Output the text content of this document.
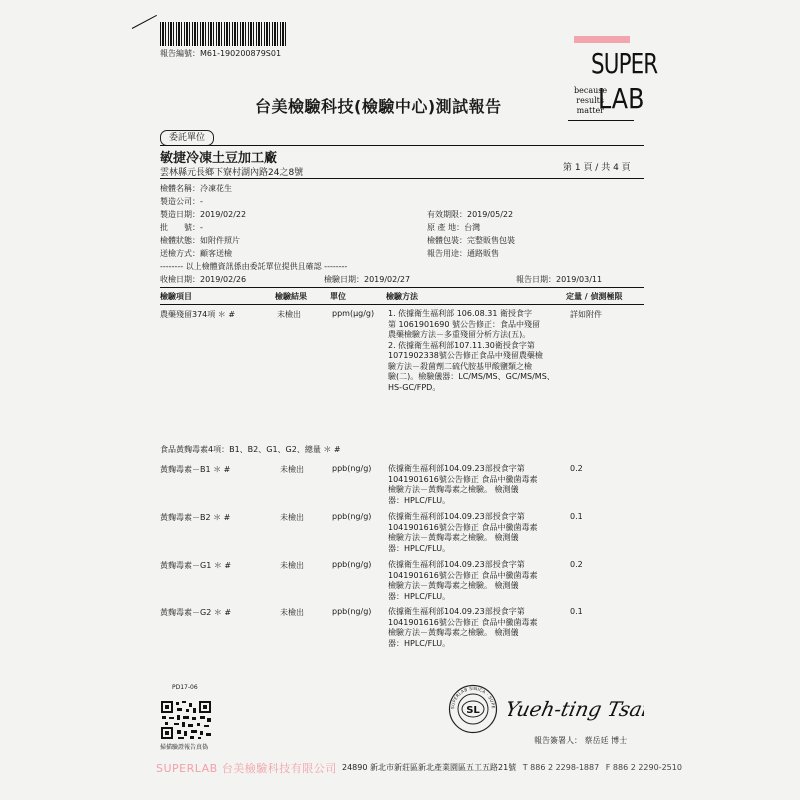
報告編號：M61-190200879S01	SUPER
because
results
matter
LAB
台美檢驗科技(檢驗中心)測試報告
委託單位
敏捷冷凍土豆加工廠
雲林縣元長鄉下寮村湖內路24之8號	第 1 頁 / 共 4 頁
檢體名稱：冷凍花生
製造公司：-
製造日期：2019/02/22	有效期限：2019/05/22
批　　號：-	原 產 地：台灣
檢體狀態：如附件照片	檢體包裝：完整販售包裝
送檢方式：顧客送檢	報告用途：通路販售
-------- 以上檢體資訊係由委託單位提供且確認 --------
收檢日期：2019/02/26	檢驗日期：2019/02/27	報告日期：2019/03/11
檢驗項目	檢驗結果	單位	檢驗方法	定量 / 偵測極限
農藥殘留374項 ＊ #	未檢出	ppm(μg/g) 1. 依據衛生福利部 106.08.31 衛授食字
第 1061901690 號公告修正：食品中殘留
農藥檢驗方法－多重殘留分析方法(五)。
2. 依據衛生福利部107.11.30衛授食字第
1071902338號公告修正食品中殘留農藥檢
驗方法－殺菌劑二硫代胺基甲酸鹽類之檢
驗(二)。檢驗儀器：LC/MS/MS、GC/MS/MS、
HS-GC/FPD。
詳如附件
食品黃麴毒素4項：B1、B2、G1、G2、總量 ＊ #
黃麴毒素－B1 ＊ #	未檢出	ppb(ng/g) 依據衛生福利部104.09.23部授食字第
1041901616號公告修正 食品中黴菌毒素
檢驗方法－黃麴毒素之檢驗。 檢測儀
器：HPLC/FLU。
0.2
黃麴毒素－B2 ＊ #	未檢出	ppb(ng/g) 依據衛生福利部104.09.23部授食字第
1041901616號公告修正 食品中黴菌毒素
檢驗方法－黃麴毒素之檢驗。 檢測儀
器：HPLC/FLU。
0.1
黃麴毒素－G1 ＊ #	未檢出	ppb(ng/g) 依據衛生福利部104.09.23部授食字第
1041901616號公告修正 食品中黴菌毒素
檢驗方法－黃麴毒素之檢驗。 檢測儀
器：HPLC/FLU。
0.2
黃麴毒素－G2 ＊ #	未檢出	ppb(ng/g) 依據衛生福利部104.09.23部授食字第
1041901616號公告修正 食品中黴菌毒素
檢驗方法－黃麴毒素之檢驗。 檢測儀
器：HPLC/FLU。
0.1
PD17-06
掃描驗證報告真偽
SUPERLAB SINICA · SUPE
SL Yueh-ting Tsai
報告簽署人： 蔡岳廷 博士
SUPERLAB 台美檢驗科技有限公司 24890 新北市新莊區新北產業園區五工五路21號 T 886 2 2298-1887 F 886 2 2290-2510
